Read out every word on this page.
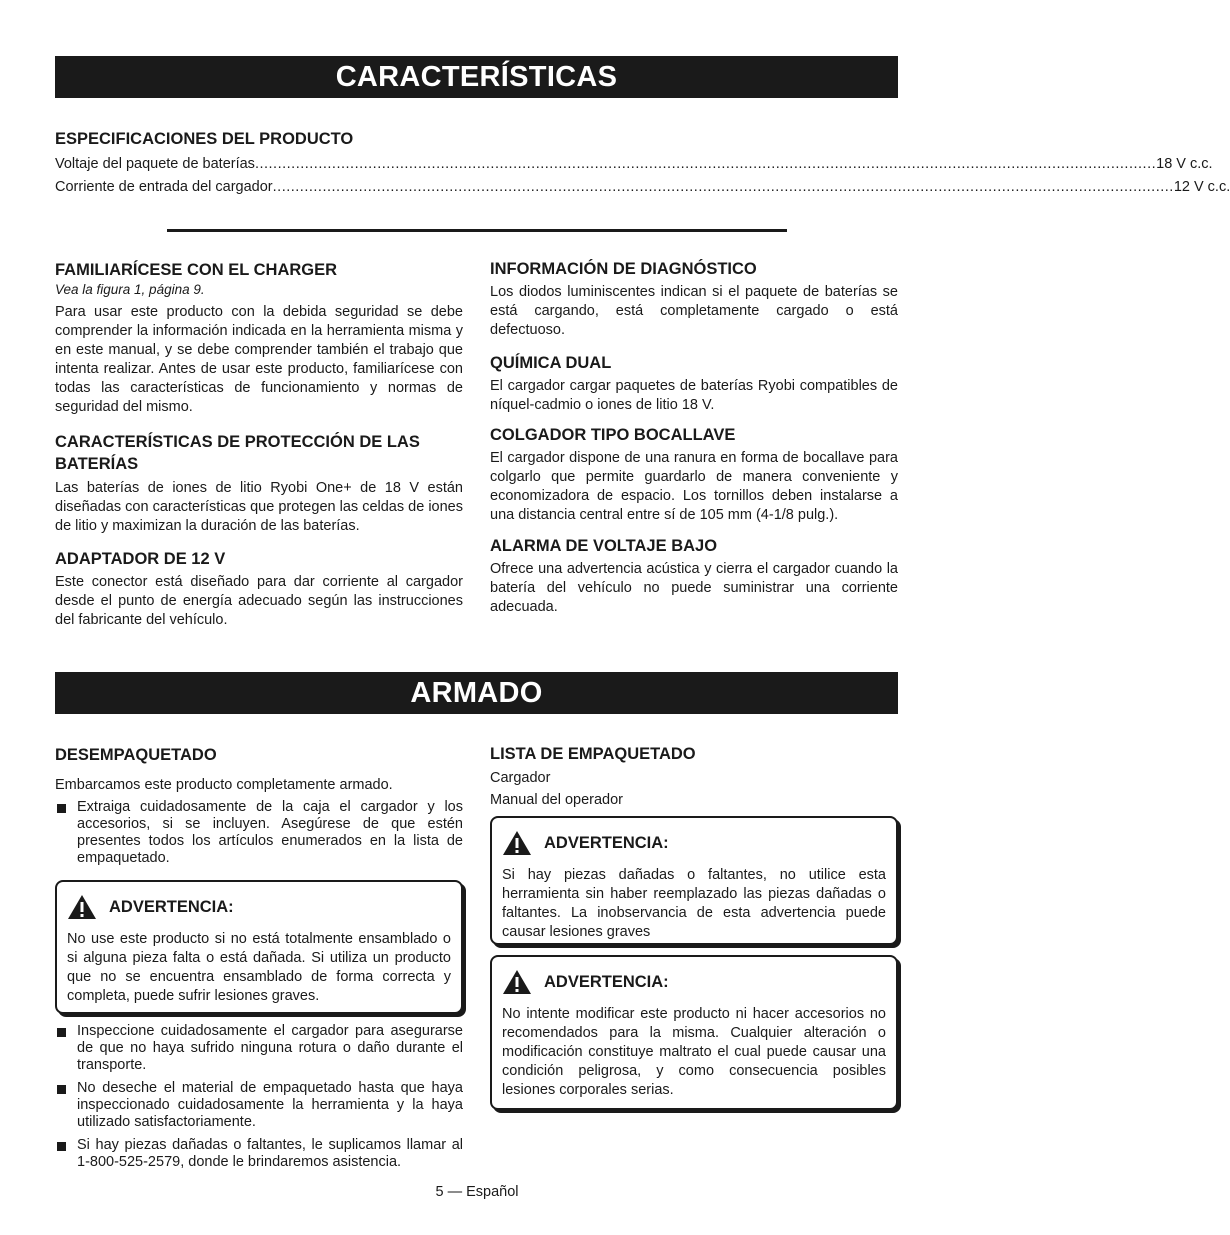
CARACTERÍSTICAS
ESPECIFICACIONES DEL PRODUCTO
Voltaje del paquete de baterías ....................................................................................................................................................................................................... 18 V c.c.
Corriente de entrada del cargador ....................................................................................................................................................................................................... 12 V c.c.
FAMILIARÍCESE CON EL CHARGER

Vea la figura 1, página 9.

Para usar este producto con la debida seguridad se debe comprender la información indicada en la herramienta misma y en este manual, y se debe comprender también el trabajo que intenta realizar. Antes de usar este producto, familiarícese con todas las características de funcionamiento y normas de seguridad del mismo.

CARACTERÍSTICAS DE PROTECCIÓN DE LAS BATERÍAS

Las baterías de iones de litio Ryobi One+ de 18 V están diseñadas con características que protegen las celdas de iones de litio y maximizan la duración de las baterías.

ADAPTADOR DE 12 V

Este conector está diseñado para dar corriente al cargador desde el punto de energía adecuado según las instrucciones del fabricante del vehículo.

INFORMACIÓN DE DIAGNÓSTICO

Los diodos luminiscentes indican si el paquete de baterías se está cargando, está completamente cargado o está defectuoso.

QUÍMICA DUAL

El cargador cargar paquetes de baterías Ryobi compatibles de níquel-cadmio o iones de litio 18 V.

COLGADOR TIPO BOCALLAVE

El cargador dispone de una ranura en forma de bocallave para colgarlo que permite guardarlo de manera conveniente y economizadora de espacio. Los tornillos deben instalarse a una distancia central entre sí de 105 mm (4-1/8 pulg.).

ALARMA DE VOLTAJE BAJO

Ofrece una advertencia acústica y cierra el cargador cuando la batería del vehículo no puede suministrar una corriente adecuada.

ARMADO
DESEMPAQUETADO

Embarcamos este producto completamente armado.

Extraiga cuidadosamente de la caja el cargador y los accesorios, si se incluyen. Asegúrese de que estén presentes todos los artículos enumerados en la lista de empaquetado.
ADVERTENCIA:

No use este producto si no está totalmente ensamblado o si alguna pieza falta o está dañada. Si utiliza un producto que no se encuentra ensamblado de forma correcta y completa, puede sufrir lesiones graves.

Inspeccione cuidadosamente el cargador para asegurarse de que no haya sufrido ninguna rotura o daño durante el transporte.
No deseche el material de empaquetado hasta que haya inspeccionado cuidadosamente la herramienta y la haya utilizado satisfactoriamente.
Si hay piezas dañadas o faltantes, le suplicamos llamar al 1-800-525-2579, donde le brindaremos asistencia.
LISTA DE EMPAQUETADO

Cargador

Manual del operador

ADVERTENCIA:

Si hay piezas dañadas o faltantes, no utilice esta herramienta sin haber reemplazado las piezas dañadas o faltantes. La inobservancia de esta advertencia puede causar lesiones graves

ADVERTENCIA:

No intente modificar este producto ni hacer accesorios no recomendados para la misma. Cualquier alteración o modificación constituye maltrato el cual puede causar una condición peligrosa, y como consecuencia posibles lesiones corporales serias.

5 — Español
